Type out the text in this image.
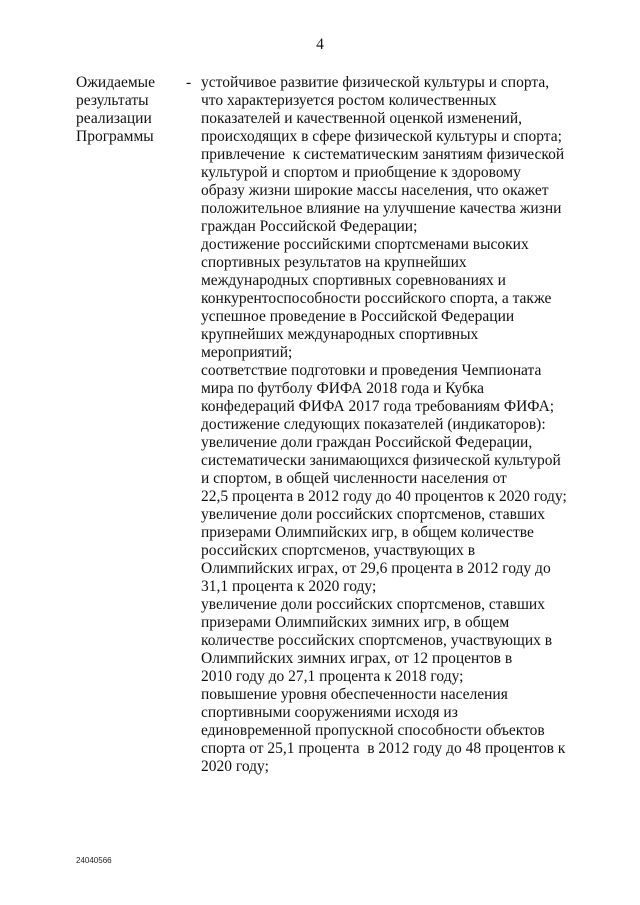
4
Ожидаемые
результаты
реализации
Программы
- устойчивое развитие физической культуры и спорта,
что характеризуется ростом количественных
показателей и качественной оценкой изменений,
происходящих в сфере физической культуры и спорта;
привлечение  к систематическим занятиям физической
культурой и спортом и приобщение к здоровому
образу жизни широкие массы населения, что окажет
положительное влияние на улучшение качества жизни
граждан Российской Федерации;
достижение российскими спортсменами высоких
спортивных результатов на крупнейших
международных спортивных соревнованиях и
конкурентоспособности российского спорта, а также
успешное проведение в Российской Федерации
крупнейших международных спортивных
мероприятий;
соответствие подготовки и проведения Чемпионата
мира по футболу ФИФА 2018 года и Кубка
конфедераций ФИФА 2017 года требованиям ФИФА;
достижение следующих показателей (индикаторов):
увеличение доли граждан Российской Федерации,
систематически занимающихся физической культурой
и спортом, в общей численности населения от
22,5 процента в 2012 году до 40 процентов к 2020 году;
увеличение доли российских спортсменов, ставших
призерами Олимпийских игр, в общем количестве
российских спортсменов, участвующих в
Олимпийских играх, от 29,6 процента в 2012 году до
31,1 процента к 2020 году;
увеличение доли российских спортсменов, ставших
призерами Олимпийских зимних игр, в общем
количестве российских спортсменов, участвующих в
Олимпийских зимних играх, от 12 процентов в
2010 году до 27,1 процента к 2018 году;
повышение уровня обеспеченности населения
спортивными сооружениями исходя из
единовременной пропускной способности объектов
спорта от 25,1 процента  в 2012 году до 48 процентов к
2020 году;
24040566
